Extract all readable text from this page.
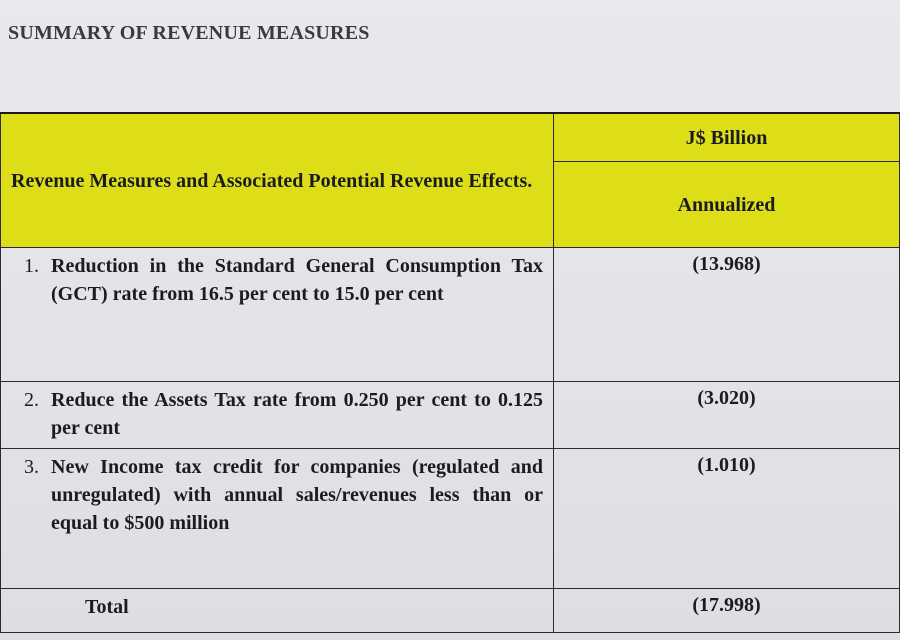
SUMMARY OF REVENUE MEASURES
Revenue Measures and Associated Potential Revenue Effects.	J$ Billion
	Annualized

1. Reduction in the Standard General Consumption Tax (GCT) rate from 16.5 per cent to 15.0 per cent	(13.968)

2. Reduce the Assets Tax rate from 0.250 per cent to 0.125 per cent	(3.020)

3. New Income tax credit for companies (regulated and unregulated) with annual sales/revenues less than or equal to $500 million	(1.010)
Total	(17.998)
